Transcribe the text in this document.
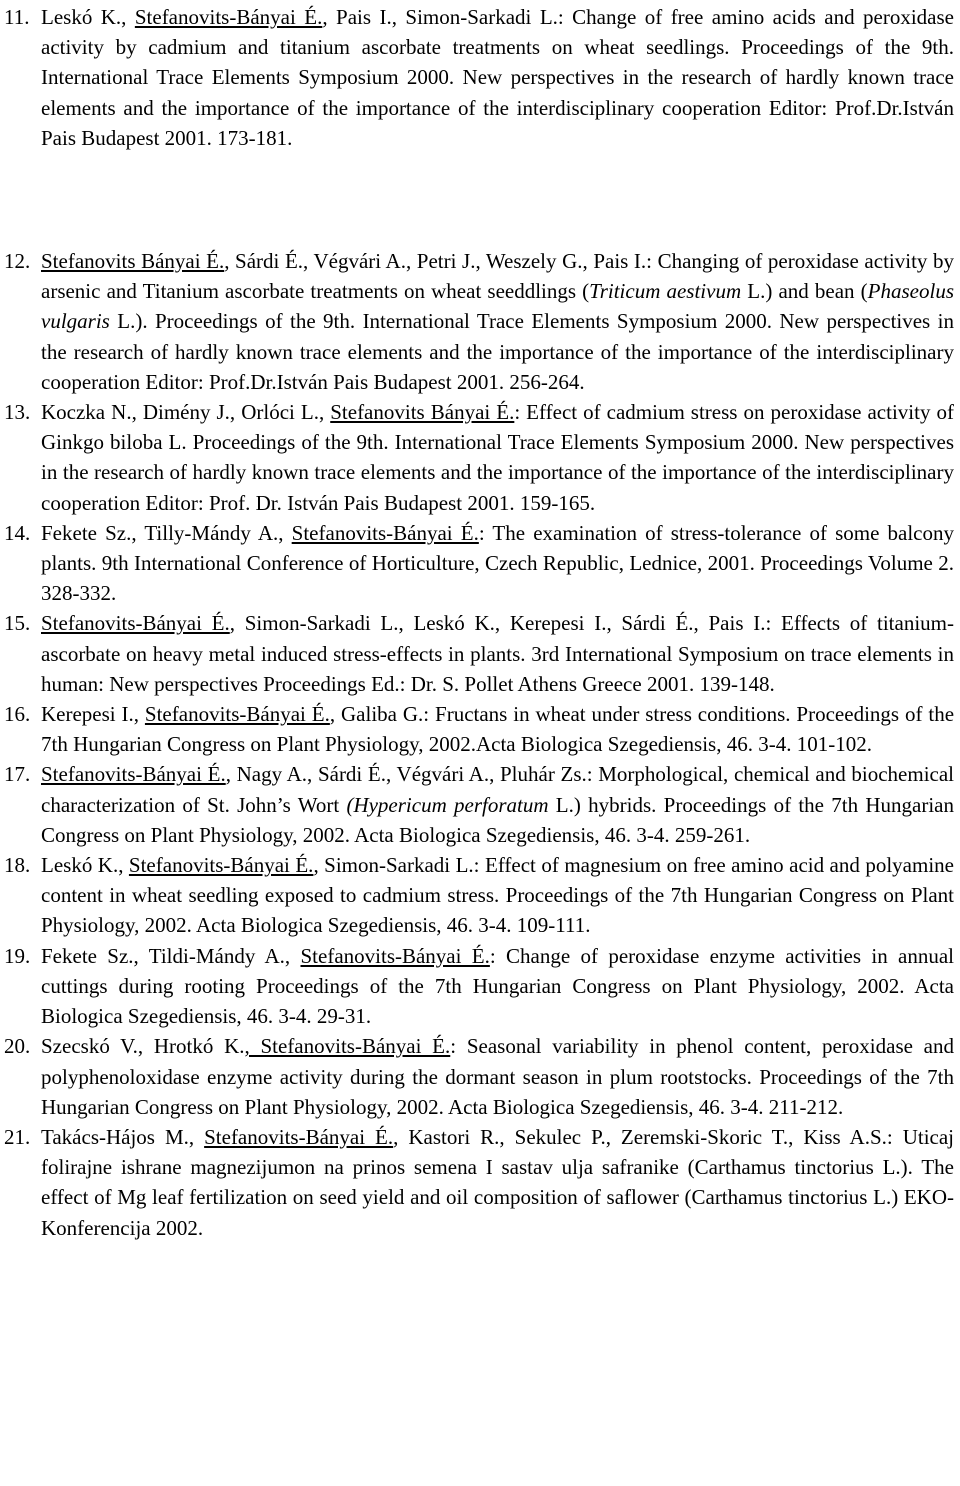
11. Leskó K., Stefanovits-Bányai É., Pais I., Simon-Sarkadi L.: Change of free amino acids and peroxidase activity by cadmium and titanium ascorbate treatments on wheat seedlings. Proceedings of the 9th. International Trace Elements Symposium 2000. New perspectives in the research of hardly known trace elements and the importance of the importance of the interdisciplinary cooperation Editor: Prof.Dr.István Pais Budapest 2001. 173-181.
12. Stefanovits Bányai É., Sárdi É., Végvári A., Petri J., Weszely G., Pais I.: Changing of peroxidase activity by arsenic and Titanium ascorbate treatments on wheat seeddlings (Triticum aestivum L.) and bean (Phaseolus vulgaris L.). Proceedings of the 9th. International Trace Elements Symposium 2000. New perspectives in the research of hardly known trace elements and the importance of the importance of the interdisciplinary cooperation Editor: Prof.Dr.István Pais Budapest 2001. 256-264.
13. Koczka N., Dimény J., Orlóci L., Stefanovits Bányai É.: Effect of cadmium stress on peroxidase activity of Ginkgo biloba L. Proceedings of the 9th. International Trace Elements Symposium 2000. New perspectives in the research of hardly known trace elements and the importance of the importance of the interdisciplinary cooperation Editor: Prof. Dr. István Pais Budapest 2001. 159-165.
14. Fekete Sz., Tilly-Mándy A., Stefanovits-Bányai É.: The examination of stress-tolerance of some balcony plants. 9th International Conference of Horticulture, Czech Republic, Lednice, 2001. Proceedings Volume 2. 328-332.
15. Stefanovits-Bányai É., Simon-Sarkadi L., Leskó K., Kerepesi I., Sárdi É., Pais I.: Effects of titanium-ascorbate on heavy metal induced stress-effects in plants. 3rd International Symposium on trace elements in human: New perspectives Proceedings Ed.: Dr. S. Pollet Athens Greece 2001. 139-148.
16. Kerepesi I., Stefanovits-Bányai É., Galiba G.: Fructans in wheat under stress conditions. Proceedings of the 7th Hungarian Congress on Plant Physiology, 2002.Acta Biologica Szegediensis, 46. 3-4. 101-102.
17. Stefanovits-Bányai É., Nagy A., Sárdi É., Végvári A., Pluhár Zs.: Morphological, chemical and biochemical characterization of St. John’s Wort (Hypericum perforatum L.) hybrids. Proceedings of the 7th Hungarian Congress on Plant Physiology, 2002. Acta Biologica Szegediensis, 46. 3-4. 259-261.
18. Leskó K., Stefanovits-Bányai É., Simon-Sarkadi L.: Effect of magnesium on free amino acid and polyamine content in wheat seedling exposed to cadmium stress. Proceedings of the 7th Hungarian Congress on Plant Physiology, 2002. Acta Biologica Szegediensis, 46. 3-4. 109-111.
19. Fekete Sz., Tildi-Mándy A., Stefanovits-Bányai É.: Change of peroxidase enzyme activities in annual cuttings during rooting Proceedings of the 7th Hungarian Congress on Plant Physiology, 2002. Acta Biologica Szegediensis, 46. 3-4. 29-31.
20. Szecskó V., Hrotkó K., Stefanovits-Bányai É.: Seasonal variability in phenol content, peroxidase and polyphenoloxidase enzyme activity during the dormant season in plum rootstocks. Proceedings of the 7th Hungarian Congress on Plant Physiology, 2002. Acta Biologica Szegediensis, 46. 3-4. 211-212.
21. Takács-Hájos M., Stefanovits-Bányai É., Kastori R., Sekulec P., Zeremski-Skoric T., Kiss A.S.: Uticaj folirajne ishrane magnezijumon na prinos semena I sastav ulja safranike (Carthamus tinctorius L.). The effect of Mg leaf fertilization on seed yield and oil composition of saflower (Carthamus tinctorius L.) EKO- Konferencija 2002.
